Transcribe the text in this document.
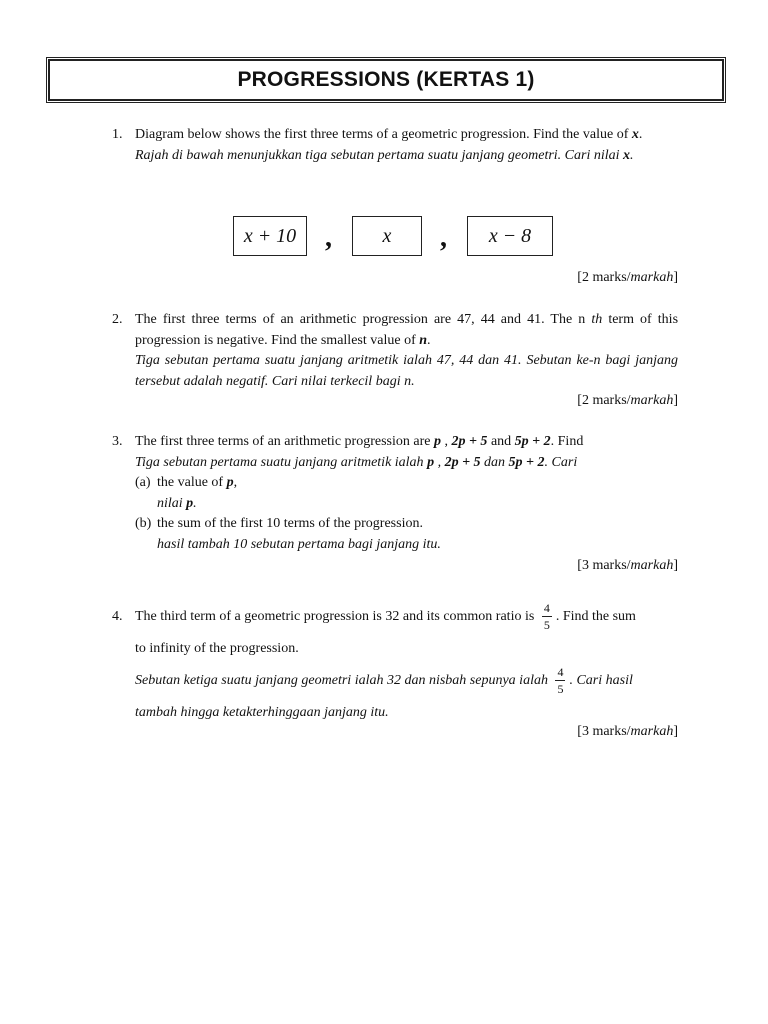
PROGRESSIONS (KERTAS 1)
1. Diagram below shows the first three terms of a geometric progression. Find the value of x.
Rajah di bawah menunjukkan tiga sebutan pertama suatu janjang geometri. Cari nilai x.
x + 10	,	x	,	x − 8
[2 marks/markah]
2. The first three terms of an arithmetic progression are 47, 44 and 41. The n th term of this progression is negative. Find the smallest value of n.
Tiga sebutan pertama suatu janjang aritmetik ialah 47, 44 dan 41. Sebutan ke-n bagi janjang tersebut adalah negatif. Cari nilai terkecil bagi n.
[2 marks/markah]
3. The first three terms of an arithmetic progression are p , 2p + 5 and 5p + 2. Find
Tiga sebutan pertama suatu janjang aritmetik ialah p , 2p + 5 dan 5p + 2. Cari
(a) the value of p,
nilai p.
(b) the sum of the first 10 terms of the progression.
hasil tambah 10 sebutan pertama bagi janjang itu.
[3 marks/markah]
4. The third term of a geometric progression is 32 and its common ratio is $\frac{4}{5}$ . Find the sum
to infinity of the progression.
Sebutan ketiga suatu janjang geometri ialah 32 dan nisbah sepunya ialah $\frac{4}{5}$ . Cari hasil
tambah hingga ketakterhinggaan janjang itu.
[3 marks/markah]
